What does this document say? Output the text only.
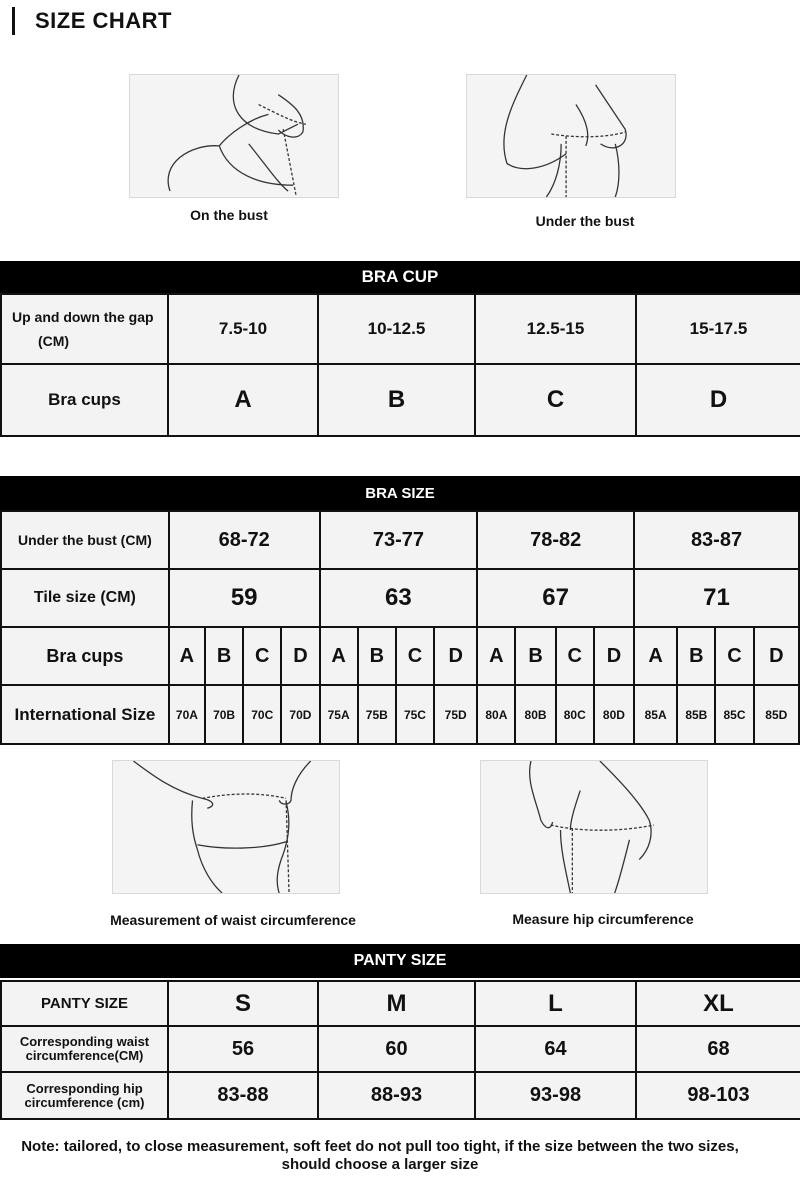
SIZE CHART
On the bust	Under the bust
BRA CUP
Up and down the gap
(CM)	7.5-10	10-12.5	12.5-15	15-17.5
Bra cups	A	B	C	D
BRA SIZE
Under the bust (CM)	68-72				73-77				78-82				83-87			
Tile size (CM)	59				63				67				71			
Bra cups	A	B	C	D	A	B	C	D	A	B	C	D	A	B	C	D
International Size	70A	70B	70C	70D	75A	75B	75C	75D	80A	80B	80C	80D	85A	85B	85C	85D
Measurement of waist circumference	Measure hip circumference
PANTY SIZE
PANTY SIZE	S	M	L	XL
Corresponding waist circumference(CM)	56	60	64	68
Corresponding hip circumference (cm)	83-88	88-93	93-98	98-103
Note: tailored, to close measurement, soft feet do not pull too tight, if the size between the two sizes, should choose a larger size
